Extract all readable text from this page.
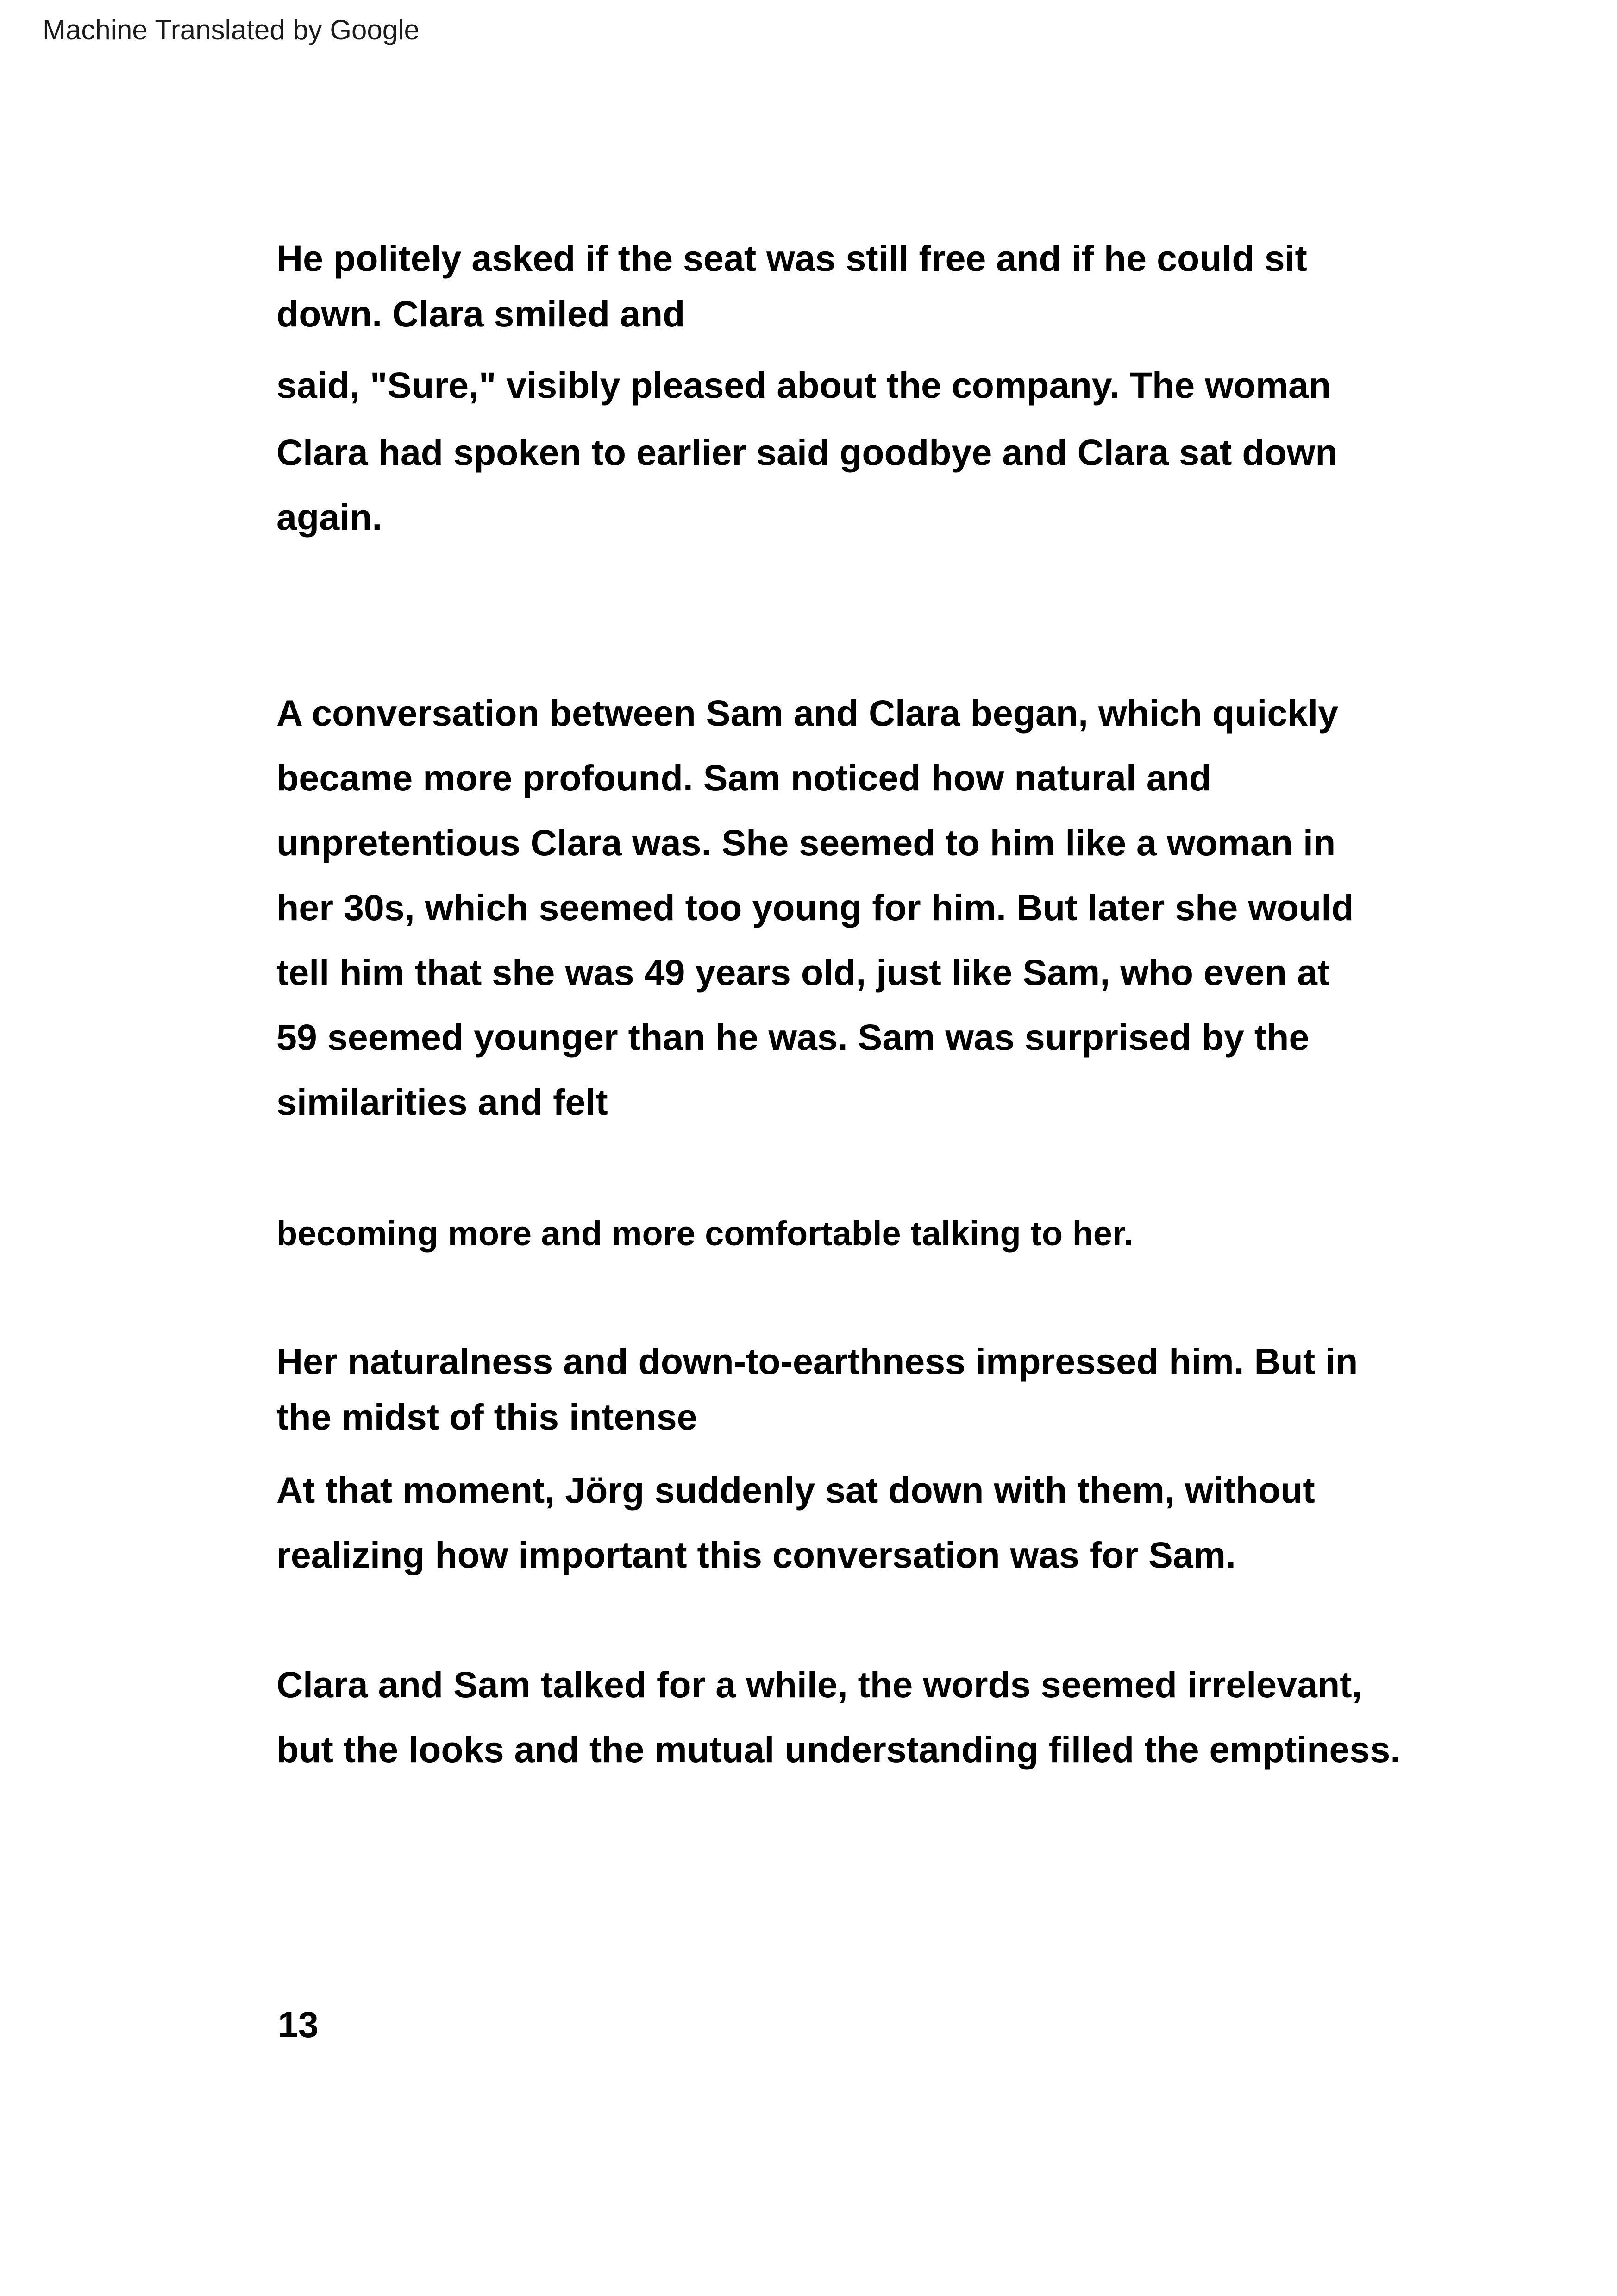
Machine Translated by Google
He politely asked if the seat was still free and if he could sit
down. Clara smiled and
said, "Sure," visibly pleased about the company. The woman
Clara had spoken to earlier said goodbye and Clara sat down
again.
A conversation between Sam and Clara began, which quickly
became more profound. Sam noticed how natural and
unpretentious Clara was. She seemed to him like a woman in
her 30s, which seemed too young for him. But later she would
tell him that she was 49 years old, just like Sam, who even at
59 seemed younger than he was. Sam was surprised by the
similarities and felt
becoming more and more comfortable talking to her.
Her naturalness and down-to-earthness impressed him. But in
the midst of this intense
At that moment, Jörg suddenly sat down with them, without
realizing how important this conversation was for Sam.
Clara and Sam talked for a while, the words seemed irrelevant,
but the looks and the mutual understanding filled the emptiness.
13
